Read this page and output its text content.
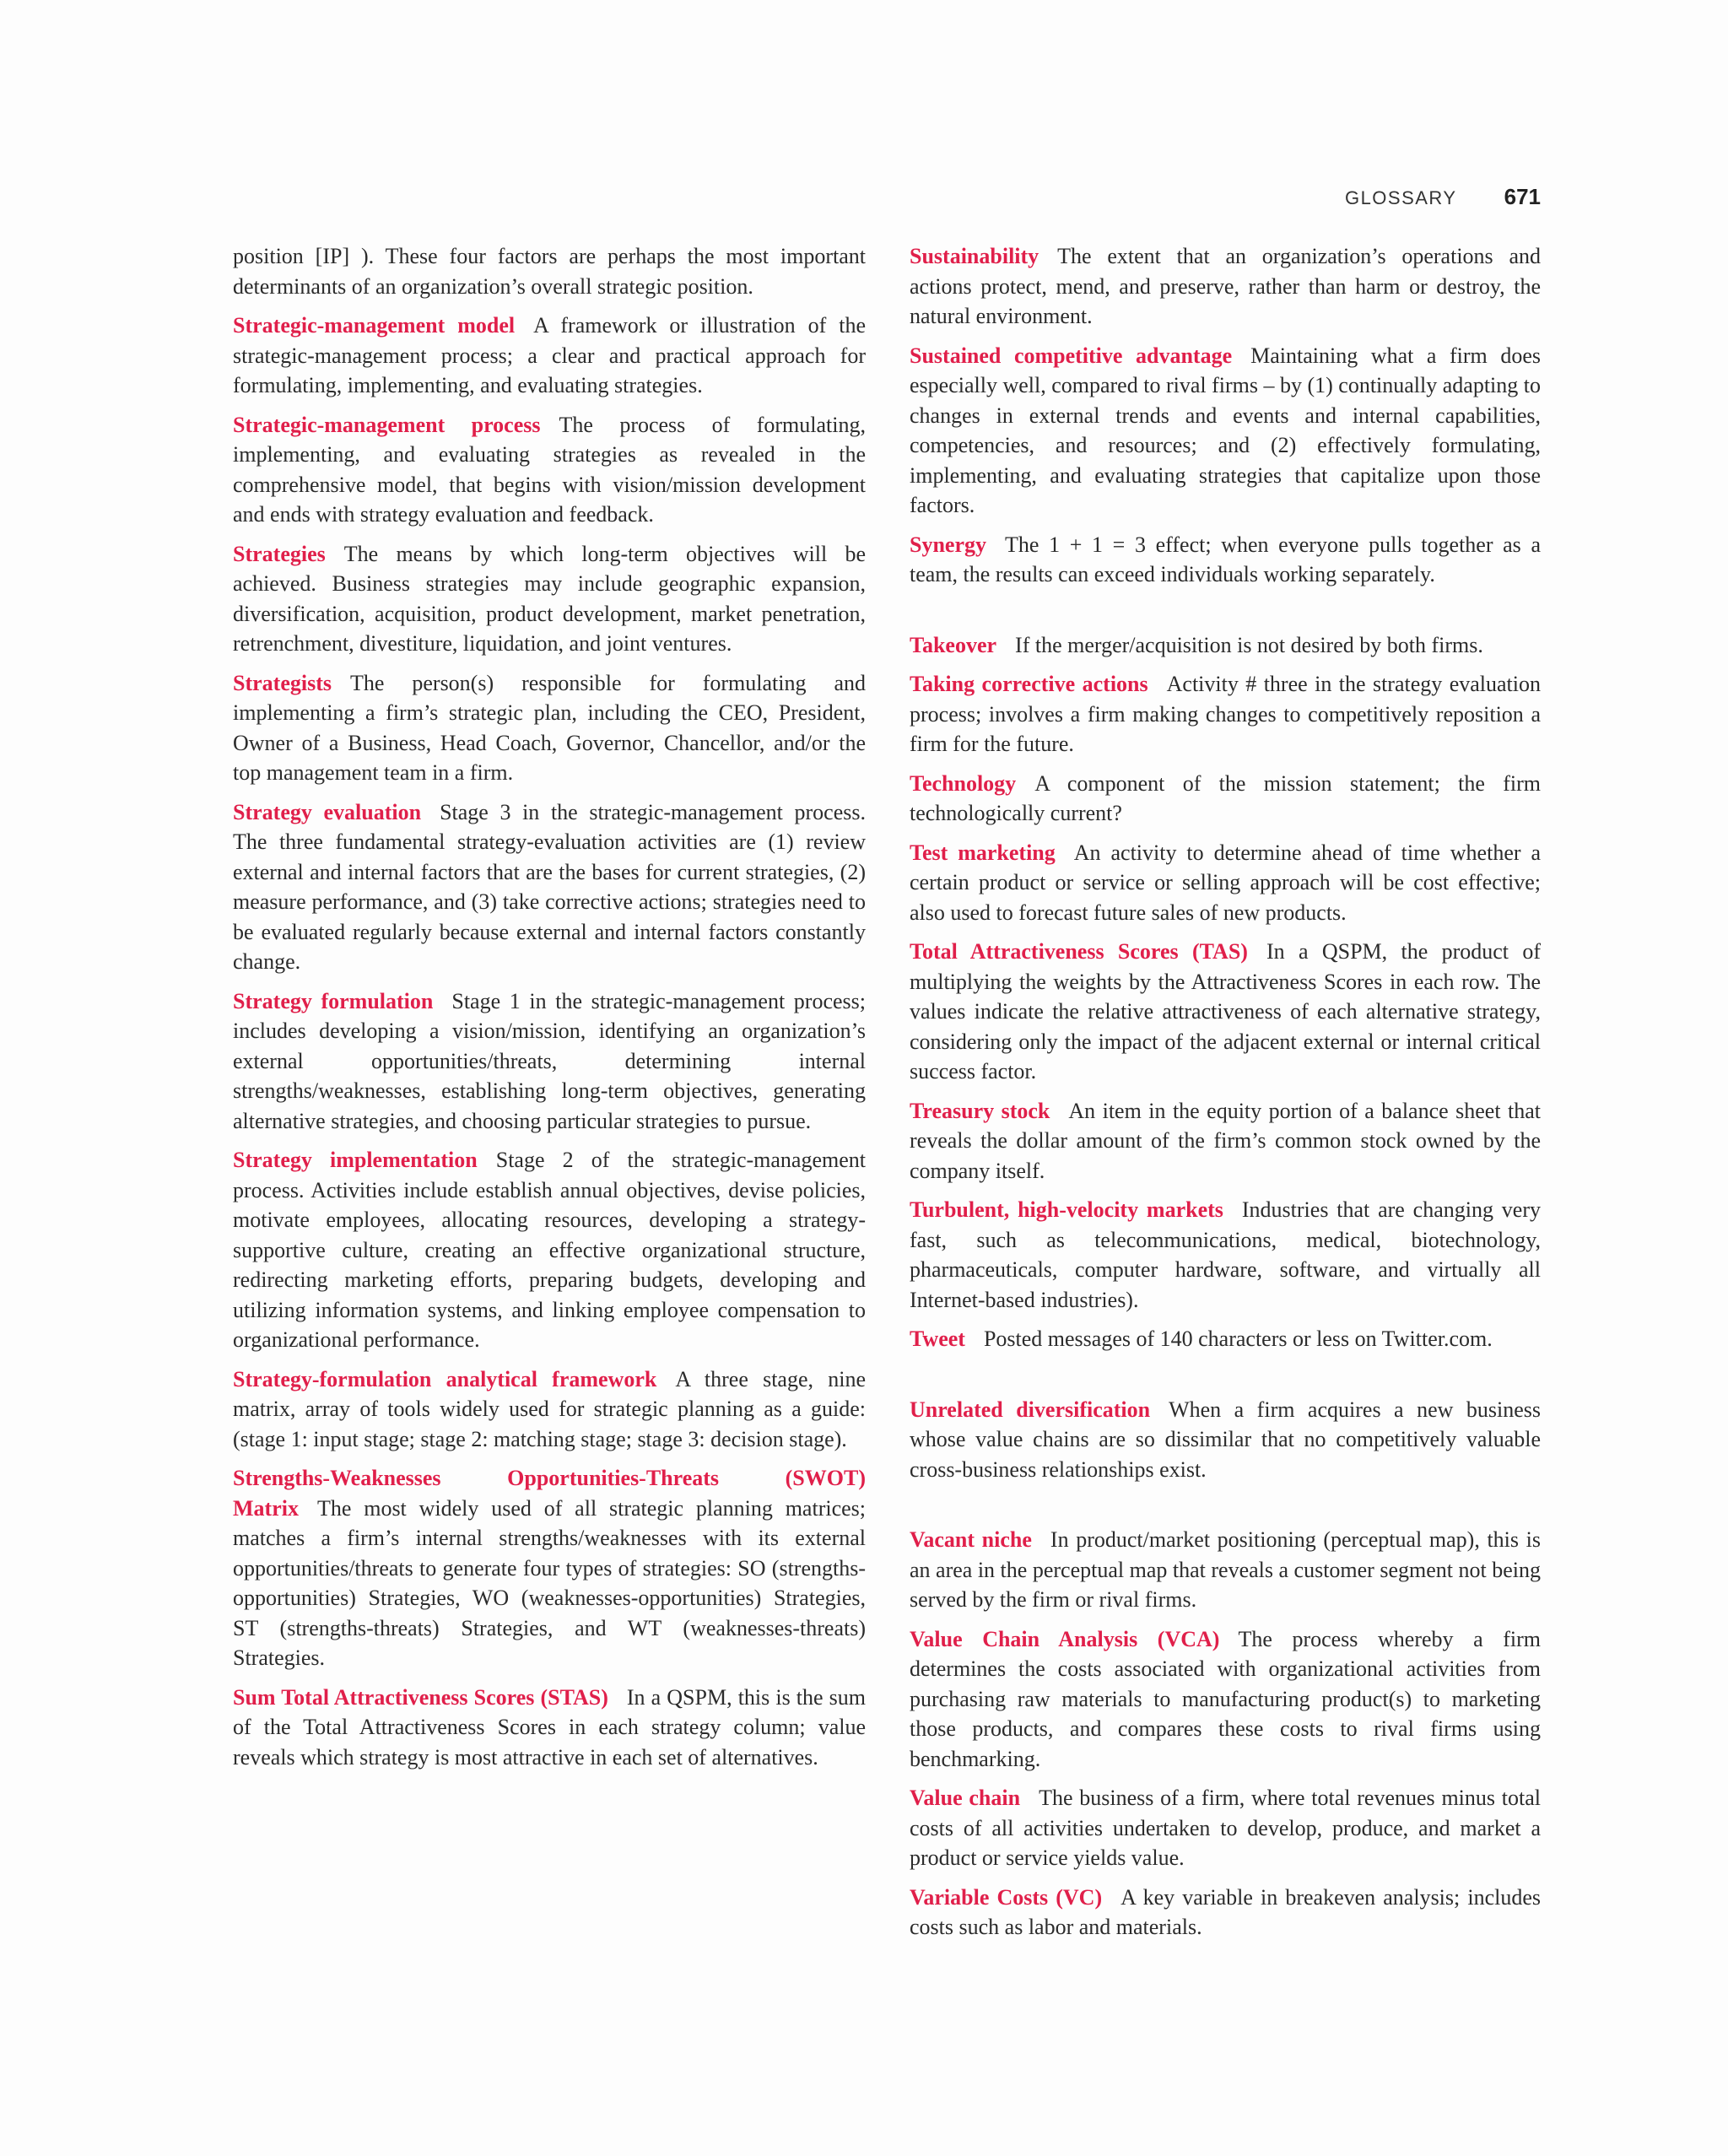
GLOSSARY 671

position [IP] ). These four factors are perhaps the most important determinants of an organization’s overall strategic position.

Strategic-management model A framework or illustration of the strategic-management process; a clear and practical approach for formulating, implementing, and evaluating strategies.

Strategic-management process The process of formulating, implementing, and evaluating strategies as revealed in the comprehensive model, that begins with vision/mission development and ends with strategy evaluation and feedback.

Strategies The means by which long-term objectives will be achieved. Business strategies may include geographic expansion, diversification, acquisition, product development, market penetration, retrenchment, divestiture, liquidation, and joint ventures.

Strategists The person(s) responsible for formulating and implementing a firm’s strategic plan, including the CEO, President, Owner of a Business, Head Coach, Governor, Chancellor, and/or the top management team in a firm.

Strategy evaluation Stage 3 in the strategic-management process. The three fundamental strategy-evaluation activities are (1) review external and internal factors that are the bases for current strategies, (2) measure performance, and (3) take corrective actions; strategies need to be evaluated regularly because external and internal factors constantly change.

Strategy formulation Stage 1 in the strategic-management process; includes developing a vision/mission, identifying an organization’s external opportunities/threats, determining internal strengths/weaknesses, establishing long-term objectives, generating alternative strategies, and choosing particular strategies to pursue.

Strategy implementation Stage 2 of the strategic-management process. Activities include establish annual objectives, devise policies, motivate employees, allocating resources, developing a strategy-supportive culture, creating an effective organizational structure, redirecting marketing efforts, preparing budgets, developing and utilizing information systems, and linking employee compensation to organizational performance.

Strategy-formulation analytical framework A three stage, nine matrix, array of tools widely used for strategic planning as a guide: (stage 1: input stage; stage 2: matching stage; stage 3: decision stage).

Strengths-Weaknesses Opportunities-Threats (SWOT) Matrix The most widely used of all strategic planning matrices; matches a firm’s internal strengths/weaknesses with its external opportunities/threats to generate four types of strategies: SO (strengths-opportunities) Strategies, WO (weaknesses-opportunities) Strategies, ST (strengths-threats) Strategies, and WT (weaknesses-threats) Strategies.

Sum Total Attractiveness Scores (STAS) In a QSPM, this is the sum of the Total Attractiveness Scores in each strategy column; value reveals which strategy is most attractive in each set of alternatives.

Sustainability The extent that an organization’s operations and actions protect, mend, and preserve, rather than harm or destroy, the natural environment.

Sustained competitive advantage Maintaining what a firm does especially well, compared to rival firms – by (1) continually adapting to changes in external trends and events and internal capabilities, competencies, and resources; and (2) effectively formulating, implementing, and evaluating strategies that capitalize upon those factors.

Synergy The 1 + 1 = 3 effect; when everyone pulls together as a team, the results can exceed individuals working separately.

Takeover If the merger/acquisition is not desired by both firms.

Taking corrective actions Activity # three in the strategy evaluation process; involves a firm making changes to competitively reposition a firm for the future.

Technology A component of the mission statement; the firm technologically current?

Test marketing An activity to determine ahead of time whether a certain product or service or selling approach will be cost effective; also used to forecast future sales of new products.

Total Attractiveness Scores (TAS) In a QSPM, the product of multiplying the weights by the Attractiveness Scores in each row. The values indicate the relative attractiveness of each alternative strategy, considering only the impact of the adjacent external or internal critical success factor.

Treasury stock An item in the equity portion of a balance sheet that reveals the dollar amount of the firm’s common stock owned by the company itself.

Turbulent, high-velocity markets Industries that are changing very fast, such as telecommunications, medical, biotechnology, pharmaceuticals, computer hardware, software, and virtually all Internet-based industries).

Tweet Posted messages of 140 characters or less on Twitter.com.

Unrelated diversification When a firm acquires a new business whose value chains are so dissimilar that no competitively valuable cross-business relationships exist.

Vacant niche In product/market positioning (perceptual map), this is an area in the perceptual map that reveals a customer segment not being served by the firm or rival firms.

Value Chain Analysis (VCA) The process whereby a firm determines the costs associated with organizational activities from purchasing raw materials to manufacturing product(s) to marketing those products, and compares these costs to rival firms using benchmarking.

Value chain The business of a firm, where total revenues minus total costs of all activities undertaken to develop, produce, and market a product or service yields value.

Variable Costs (VC) A key variable in breakeven analysis; includes costs such as labor and materials.
